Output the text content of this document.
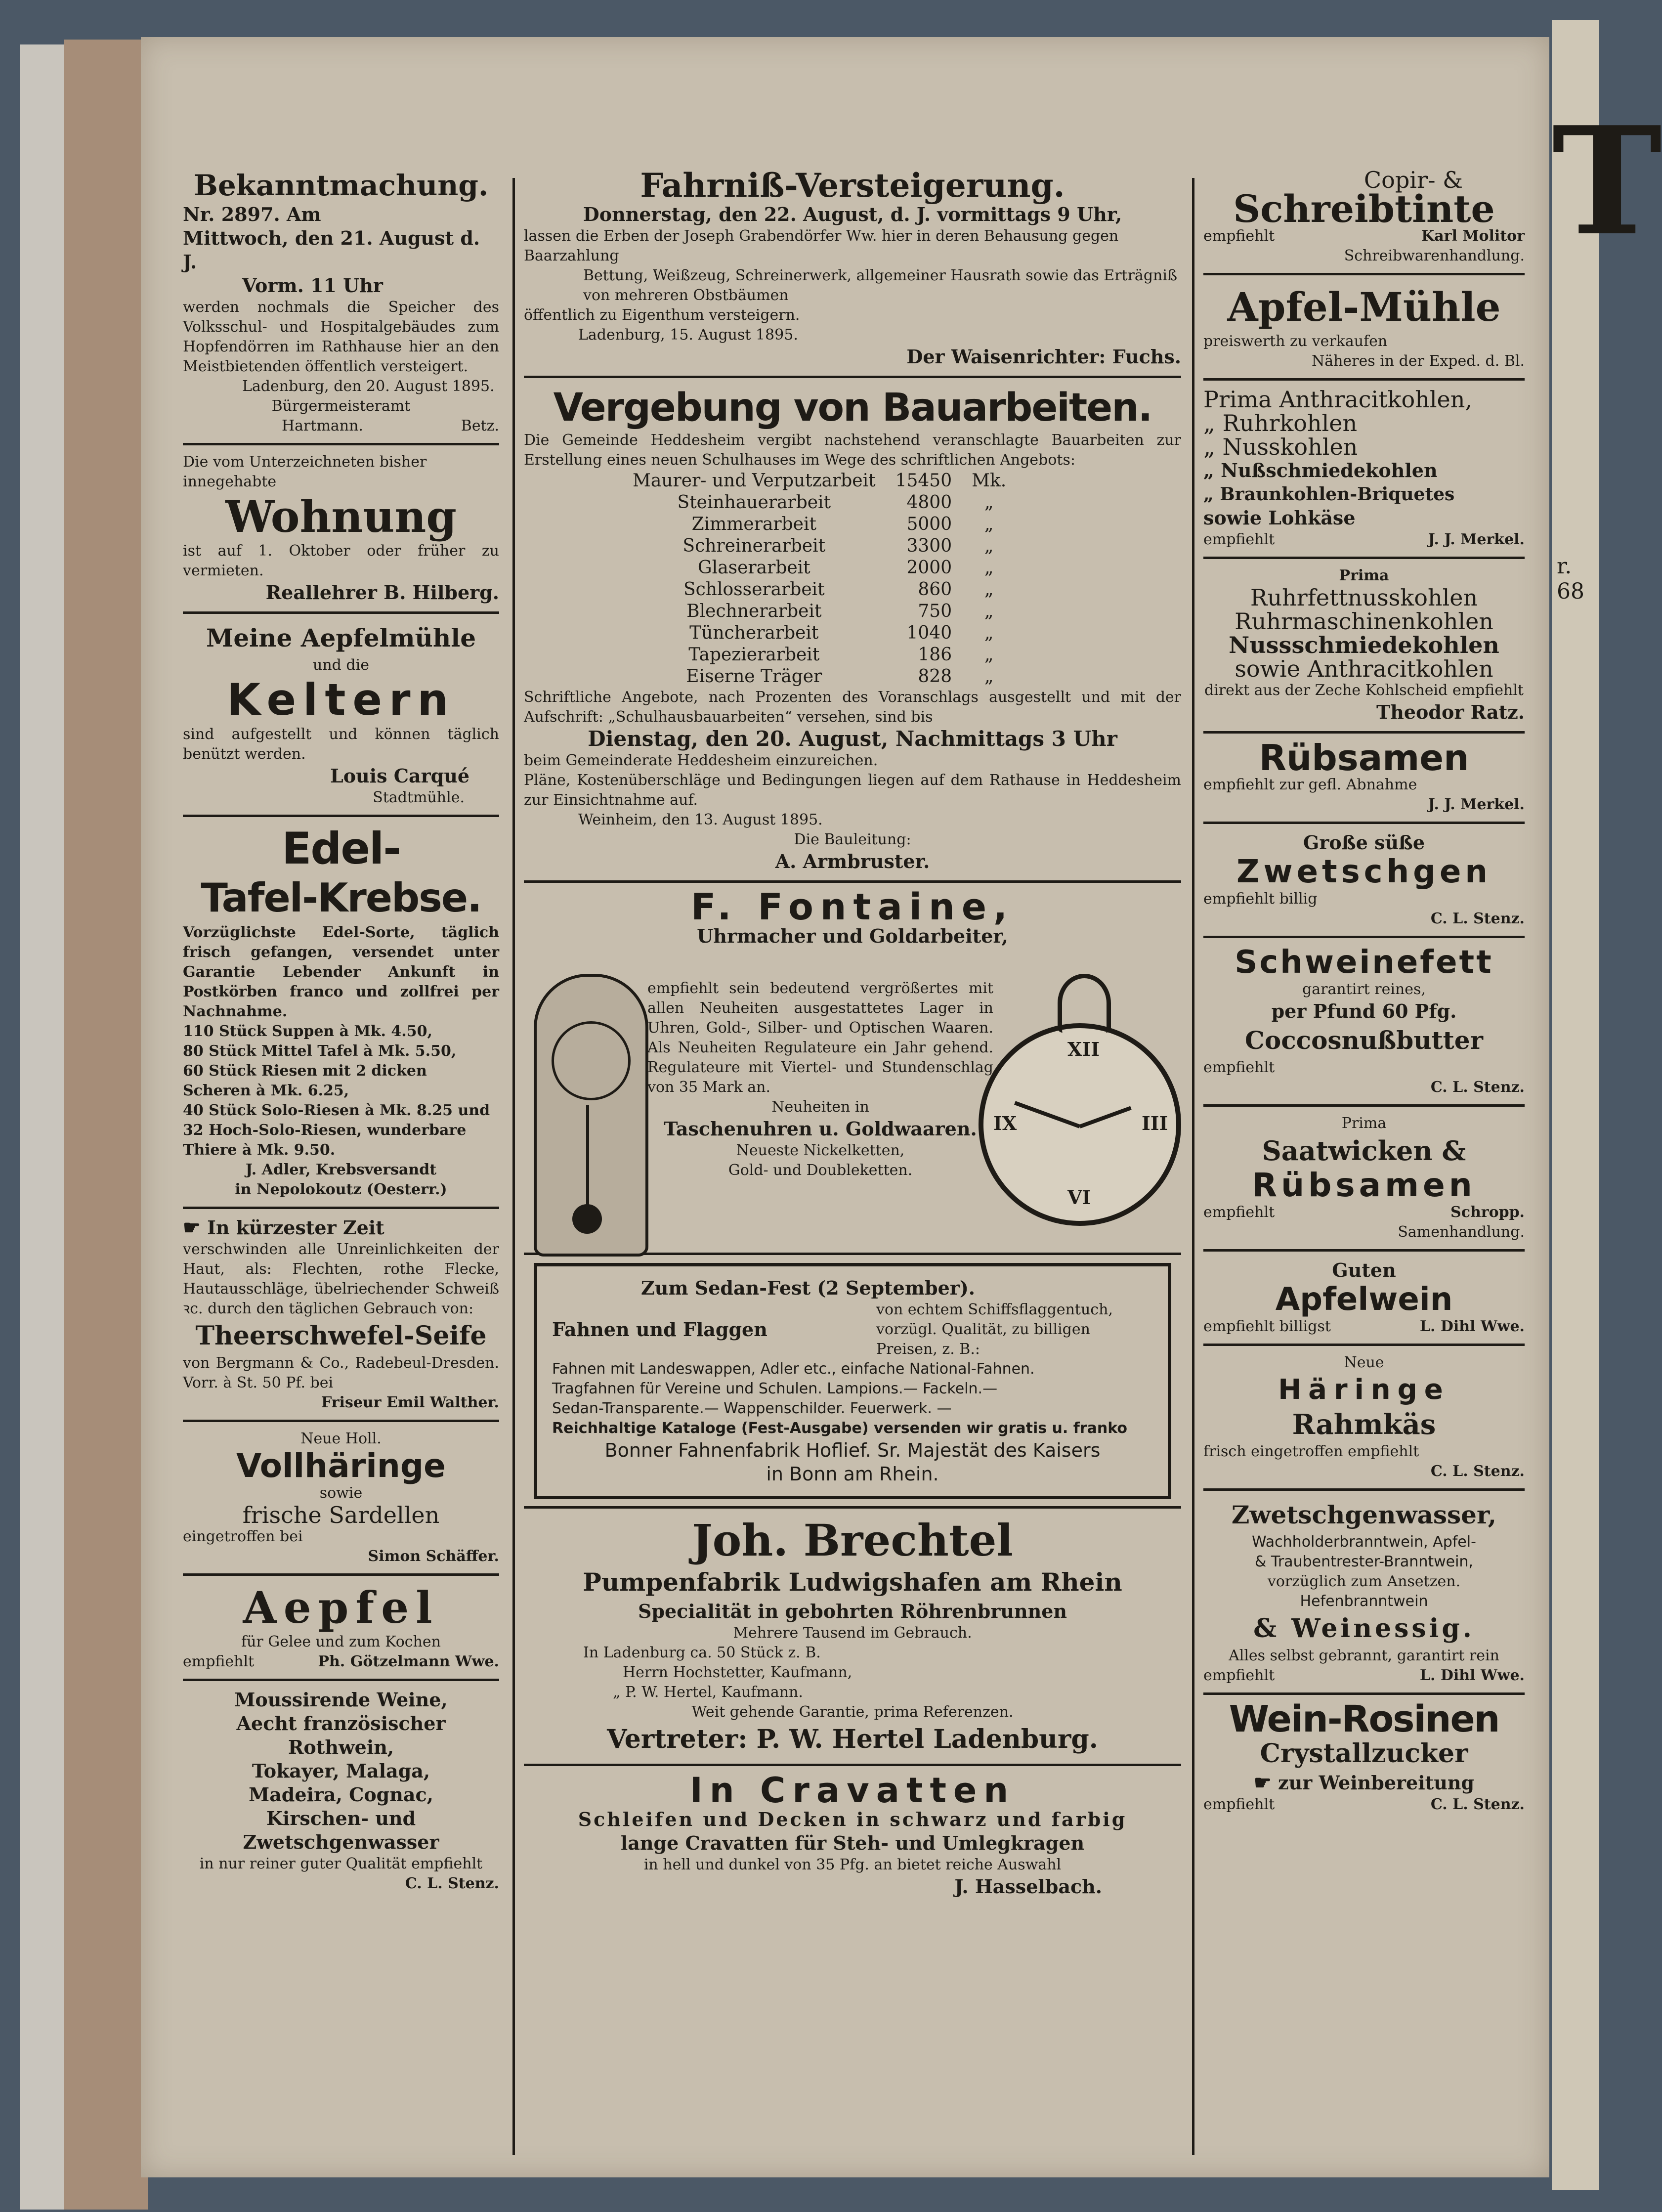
r. 68
T
Bekanntmachung.
Nr. 2897. Am
Mittwoch, den 21. August d. J.
Vorm. 11 Uhr
werden nochmals die Speicher des Volksschul- und Hospitalgebäudes zum Hopfendörren im Rathhause hier an den Meistbietenden öffentlich versteigert.
Ladenburg, den 20. August 1895.
Bürgermeisteramt
Hartmann.	Betz.
Die vom Unterzeichneten bisher innegehabte
Wohnung
ist auf 1. Oktober oder früher zu vermieten.
Reallehrer B. Hilberg.
Meine Aepfelmühle
und die
Keltern
sind aufgestellt und können täglich benützt werden.
Louis Carqué
Stadtmühle.
Edel-
Tafel-Krebse.
Vorzüglichste Edel-Sorte, täglich frisch gefangen, versendet unter Garantie Lebender Ankunft in Postkörben franco und zollfrei per Nachnahme.
110 Stück Suppen à Mk. 4.50,
80 Stück Mittel Tafel à Mk. 5.50,
60 Stück Riesen mit 2 dicken Scheren à Mk. 6.25,
40 Stück Solo-Riesen à Mk. 8.25 und
32 Hoch-Solo-Riesen, wunderbare Thiere à Mk. 9.50.
J. Adler, Krebsversandt
in Nepolokoutz (Oesterr.)
☛ In kürzester Zeit
verschwinden alle Unreinlichkeiten der Haut, als: Flechten, rothe Flecke, Hautausschläge, übelriechender Schweiß ꝛc. durch den täglichen Gebrauch von:
Theerschwefel-Seife
von Bergmann & Co., Radebeul-Dresden. Vorr. à St. 50 Pf. bei
Friseur Emil Walther.
Neue Holl.
Vollhäringe
sowie
frische Sardellen
eingetroffen bei
Simon Schäffer.
Aepfel
für Gelee und zum Kochen
empfiehlt	Ph. Götzelmann Wwe.
Moussirende Weine,
Aecht französischer Rothwein,
Tokayer, Malaga,
Madeira, Cognac,
Kirschen- und
Zwetschgenwasser
in nur reiner guter Qualität empfiehlt
C. L. Stenz.
Fahrniß-Versteigerung.
Donnerstag, den 22. August, d. J. vormittags 9 Uhr,
lassen die Erben der Joseph Grabendörfer Ww. hier in deren Behausung gegen Baarzahlung
Bettung, Weißzeug, Schreinerwerk, allgemeiner Hausrath sowie das Erträgniß von mehreren Obstbäumen
öffentlich zu Eigenthum versteigern.
Ladenburg, 15. August 1895.
Der Waisenrichter: Fuchs.
Vergebung von Bauarbeiten.
Die Gemeinde Heddesheim vergibt nachstehend veranschlagte Bauarbeiten zur Erstellung eines neuen Schulhauses im Wege des schriftlichen Angebots:
Maurer- und Verputzarbeit	15450	Mk.
Steinhauerarbeit	4800	„
Zimmerarbeit	5000	„
Schreinerarbeit	3300	„
Glaserarbeit	2000	„
Schlosserarbeit	860	„
Blechnerarbeit	750	„
Tüncherarbeit	1040	„
Tapezierarbeit	186	„
Eiserne Träger	828	„
Schriftliche Angebote, nach Prozenten des Voranschlags ausgestellt und mit der Aufschrift: „Schulhausbauarbeiten“ versehen, sind bis
Dienstag, den 20. August, Nachmittags 3 Uhr
beim Gemeinderate Heddesheim einzureichen.
Pläne, Kostenüberschläge und Bedingungen liegen auf dem Rathause in Heddesheim zur Einsichtnahme auf.
Weinheim, den 13. August 1895.
Die Bauleitung:
A. Armbruster.
F. Fontaine,
Uhrmacher und Goldarbeiter,
empfiehlt sein bedeutend vergrößertes mit allen Neuheiten ausgestattetes Lager in Uhren, Gold-, Silber- und Optischen Waaren. Als Neuheiten Regulateure ein Jahr gehend. Regulateure mit Viertel- und Stundenschlag von 35 Mark an.
Neuheiten in
Taschenuhren u. Goldwaaren.
Neueste Nickelketten,
Gold- und Doubleketten.
XII
III
VI
IX
Zum Sedan-Fest (2 September).
Fahnen und Flaggen
von echtem Schiffsflaggentuch, vorzügl. Qualität, zu billigen Preisen, z. B.:
Fahnen mit Landeswappen, Adler etc., einfache National-Fahnen.
Tragfahnen für Vereine und Schulen. Lampions.— Fackeln.—
Sedan-Transparente.— Wappenschilder. Feuerwerk. —
Reichhaltige Kataloge (Fest-Ausgabe) versenden wir gratis u. franko
Bonner Fahnenfabrik Hoflief. Sr. Majestät des Kaisers
in Bonn am Rhein.
Joh. Brechtel
Pumpenfabrik Ludwigshafen am Rhein
Specialität in gebohrten Röhrenbrunnen
Mehrere Tausend im Gebrauch.
In Ladenburg ca. 50 Stück z. B.
Herrn Hochstetter, Kaufmann,
„ P. W. Hertel, Kaufmann.
Weit gehende Garantie, prima Referenzen.
Vertreter: P. W. Hertel Ladenburg.
In Cravatten
Schleifen und Decken in schwarz und farbig
lange Cravatten für Steh- und Umlegkragen
in hell und dunkel von 35 Pfg. an bietet reiche Auswahl
J. Hasselbach.
Copir- &
Schreibtinte
empfiehlt	Karl Molitor
Schreibwarenhandlung.
Apfel-Mühle
preiswerth zu verkaufen
Näheres in der Exped. d. Bl.
Prima Anthracitkohlen,
„ Ruhrkohlen
„ Nusskohlen
„ Nußschmiedekohlen
„ Braunkohlen-Briquetes
sowie Lohkäse
empfiehlt	J. J. Merkel.
Prima
Ruhrfettnusskohlen
Ruhrmaschinenkohlen
Nussschmiedekohlen
sowie Anthracitkohlen
direkt aus der Zeche Kohlscheid empfiehlt
Theodor Ratz.
Rübsamen
empfiehlt zur gefl. Abnahme
J. J. Merkel.
Große süße
Zwetschgen
empfiehlt billig
C. L. Stenz.
Schweinefett
garantirt reines,
per Pfund 60 Pfg.
Coccosnußbutter
empfiehlt
C. L. Stenz.
Prima
Saatwicken &
Rübsamen
empfiehlt	Schropp.
Samenhandlung.
Guten
Apfelwein
empfiehlt billigst	L. Dihl Wwe.
Neue
Häringe
Rahmkäs
frisch eingetroffen empfiehlt
C. L. Stenz.
Zwetschgenwasser,
Wachholderbranntwein, Apfel-
& Traubentrester-Branntwein,
vorzüglich zum Ansetzen.
Hefenbranntwein
& Weinessig.
Alles selbst gebrannt, garantirt rein
empfiehlt	L. Dihl Wwe.
Wein-Rosinen
Crystallzucker
☛ zur Weinbereitung
empfiehlt	C. L. Stenz.
